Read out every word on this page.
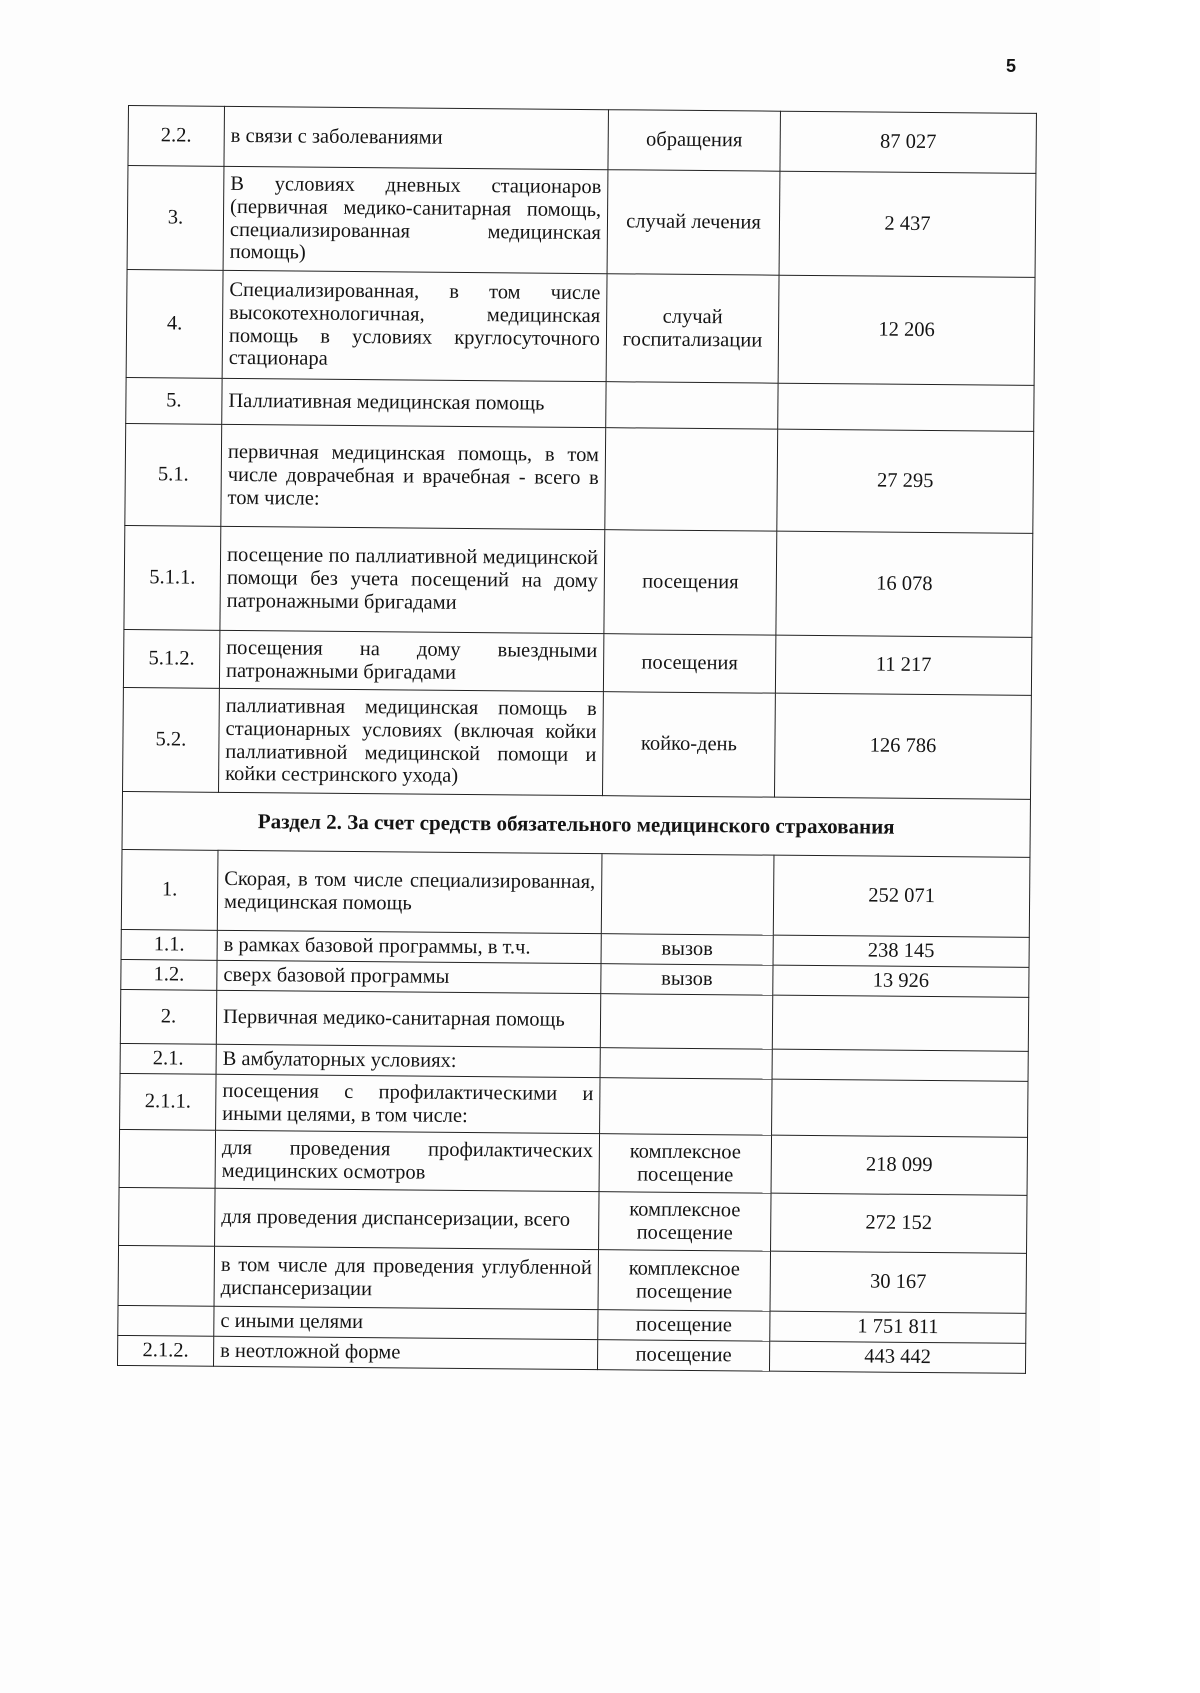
5
2.2.	в связи с заболеваниями	обращения	87 027
3.	В условиях дневных стационаров (первичная медико-санитарная помощь, специализированная медицинская помощь)	случай лечения	2 437
4.	Специализированная, в том числе высокотехнологичная, медицинская помощь в условиях круглосуточного стационара	случай госпитализации	12 206
5.	Паллиативная медицинская помощь		
5.1.	первичная медицинская помощь, в том числе доврачебная и врачебная - всего в том числе:		27 295
5.1.1.	посещение по паллиативной медицинской помощи без учета посещений на дому патронажными бригадами	посещения	16 078
5.1.2.	посещения на дому выездными патронажными бригадами	посещения	11 217
5.2.	паллиативная медицинская помощь в стационарных условиях (включая койки паллиативной медицинской помощи и койки сестринского ухода)	койко-день	126 786
Раздел 2. За счет средств обязательного медицинского страхования			
1.	Скорая, в том числе специализированная, медицинская помощь		252 071
1.1.	в рамках базовой программы, в т.ч.	вызов	238 145
1.2.	сверх базовой программы	вызов	13 926
2.	Первичная медико-санитарная помощь		
2.1.	В амбулаторных условиях:		
2.1.1.	посещения с профилактическими и иными целями, в том числе:		
	для проведения профилактических медицинских осмотров	комплексное посещение	218 099
	для проведения диспансеризации, всего	комплексное посещение	272 152
	в том числе для проведения углубленной диспансеризации	комплексное посещение	30 167
	с иными целями	посещение	1 751 811
2.1.2.	в неотложной форме	посещение	443 442
